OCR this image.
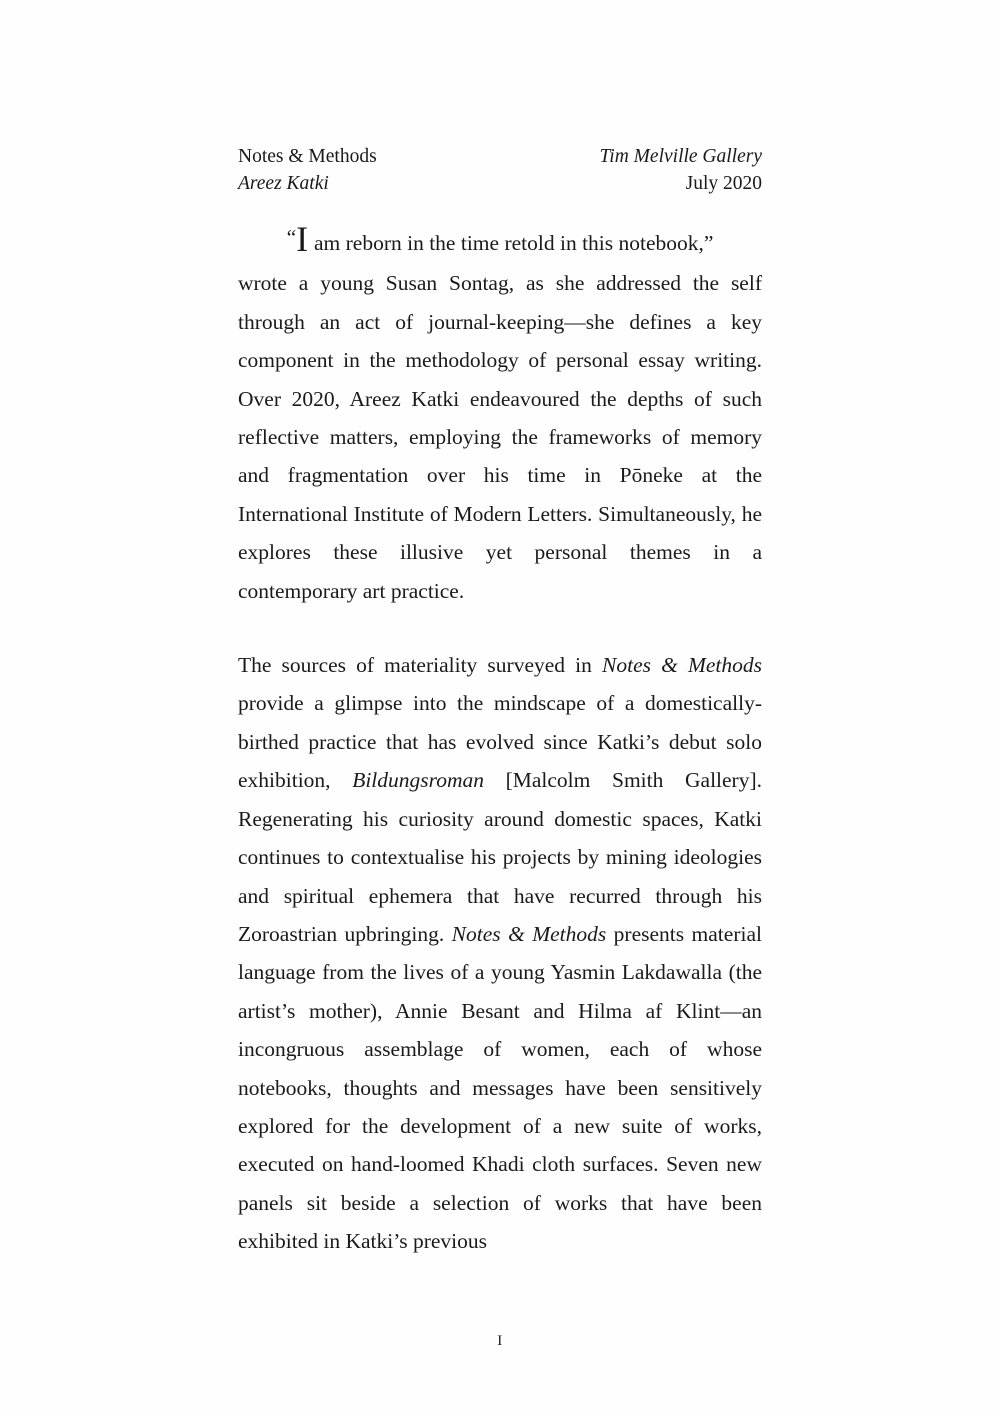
Notes & Methods	Tim Melville Gallery
Areez Katki	July 2020

“I am reborn in the time retold in this notebook,”
wrote a young Susan Sontag, as she addressed the self through an act of journal-keeping—she defines a key component in the methodology of personal essay writing. Over 2020, Areez Katki endeavoured the depths of such reflective matters, employing the frameworks of memory and fragmentation over his time in Pōneke at the International Institute of Modern Letters. Simultaneously, he explores these illusive yet personal themes in a contemporary art practice.

The sources of materiality surveyed in Notes & Methods provide a glimpse into the mindscape of a domestically-birthed practice that has evolved since Katki’s debut solo exhibition, Bildungsroman [Malcolm Smith Gallery]. Regenerating his curiosity around domestic spaces, Katki continues to contextualise his projects by mining ideologies and spiritual ephemera that have recurred through his Zoroastrian upbringing. Notes & Methods presents material language from the lives of a young Yasmin Lakdawalla (the artist’s mother), Annie Besant and Hilma af Klint—an incongruous assemblage of women, each of whose notebooks, thoughts and messages have been sensitively explored for the development of a new suite of works, executed on hand-loomed Khadi cloth surfaces. Seven new panels sit beside a selection of works that have been exhibited in Katki’s previous

I
